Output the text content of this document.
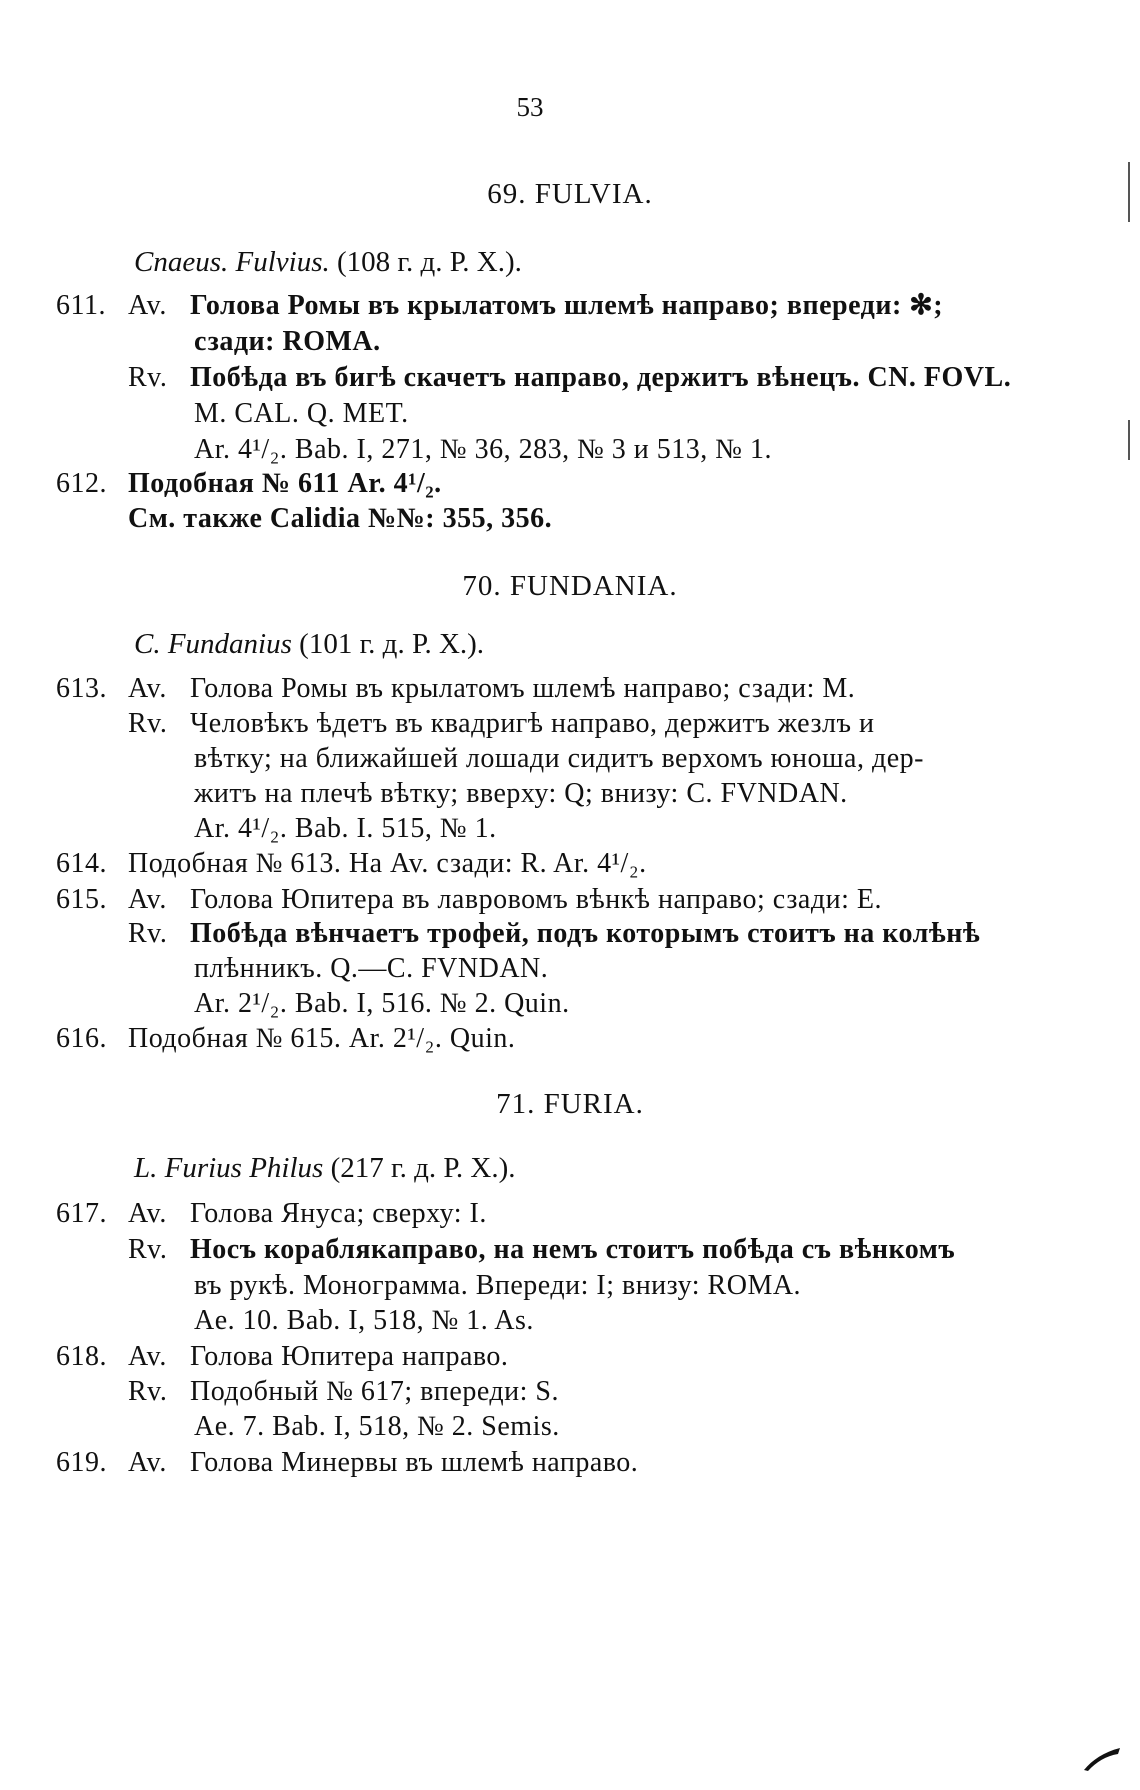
53
69. FULVIA.
Cnaeus. Fulvius. (108 г. д. Р. Х.).
611. Av. Голова Ромы въ крылатомъ шлемѣ направо; впереди: ✻;
сзади: ROMA.
Rv. Побѣда въ бигѣ скачетъ направо, держитъ вѣнецъ. CN. FOVL.
M. CAL. Q. MET.
Ar. 4¹/₂. Bab. I, 271, № 36, 283, № 3 и 513, № 1.
612. Подобная № 611 Ar. 4¹/₂.
См. также Calidia №№: 355, 356.
70. FUNDANIA.
C. Fundanius (101 г. д. Р. Х.).
613. Av. Голова Ромы въ крылатомъ шлемѣ направо; сзади: M.
Rv. Человѣкъ ѣдетъ въ квадригѣ направо, держитъ жезлъ и
вѣтку; на ближайшей лошади сидитъ верхомъ юноша, дер-
житъ на плечѣ вѣтку; вверху: Q; внизу: C. FVNDAN.
Ar. 4¹/₂. Bab. I. 515, № 1.
614. Подобная № 613. На Av. сзади: R. Ar. 4¹/₂.
615. Av. Голова Юпитера въ лавровомъ вѣнкѣ направо; сзади: E.
Rv. Побѣда вѣнчаетъ трофей, подъ которымъ стоитъ на колѣнѣ
плѣнникъ. Q.—C. FVNDAN.
Ar. 2¹/₂. Bab. I, 516. № 2. Quin.
616. Подобная № 615. Ar. 2¹/₂. Quin.
71. FURIA.
L. Furius Philus (217 г. д. Р. Х.).
617. Av. Голова Януса; сверху: I.
Rv. Носъ кораблякаправо, на немъ стоитъ побѣда съ вѣнкомъ
въ рукѣ. Монограмма. Впереди: I; внизу: ROMA.
Ae. 10. Bab. I, 518, № 1. As.
618. Av. Голова Юпитера направо.
Rv. Подобный № 617; впереди: S.
Ae. 7. Bab. I, 518, № 2. Semis.
619. Av. Голова Минервы въ шлемѣ направо.
